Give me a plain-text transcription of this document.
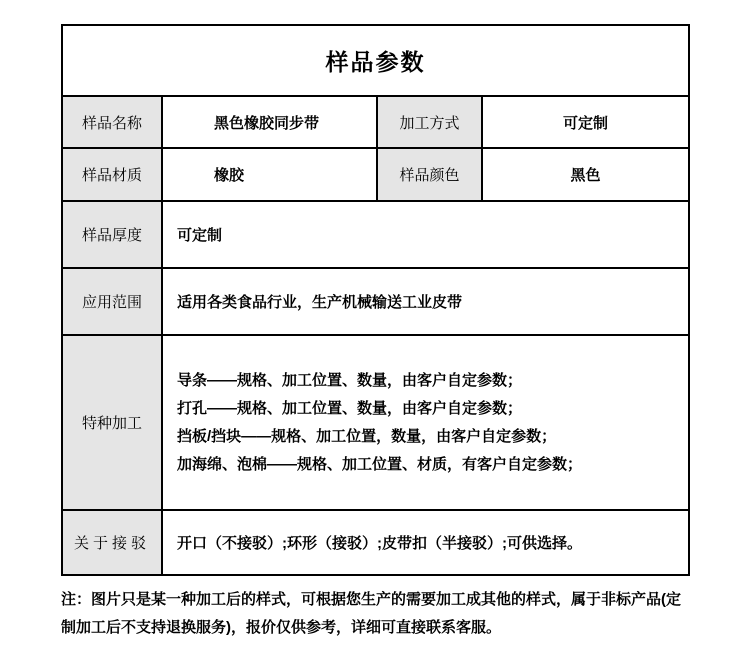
样品参数			
样品名称	黑色橡胶同步带	加工方式	可定制
样品材质	橡胶	样品颜色	黑色
样品厚度	可定制		
应用范围	适用各类食品行业，生产机械输送工业皮带		
特种加工	导条——规格、加工位置、数量，由客户自定参数；
打孔——规格、加工位置、数量，由客户自定参数；
挡板/挡块——规格、加工位置，数量，由客户自定参数；
加海绵、泡棉——规格、加工位置、材质，有客户自定参数；		

关于接驳	开口（不接驳）;环形（接驳）;皮带扣（半接驳）;可供选择。		
注：图片只是某一种加工后的样式，可根据您生产的需要加工成其他的样式，属于非标产品(定制加工后不支持退换服务)，报价仅供参考，详细可直接联系客服。
